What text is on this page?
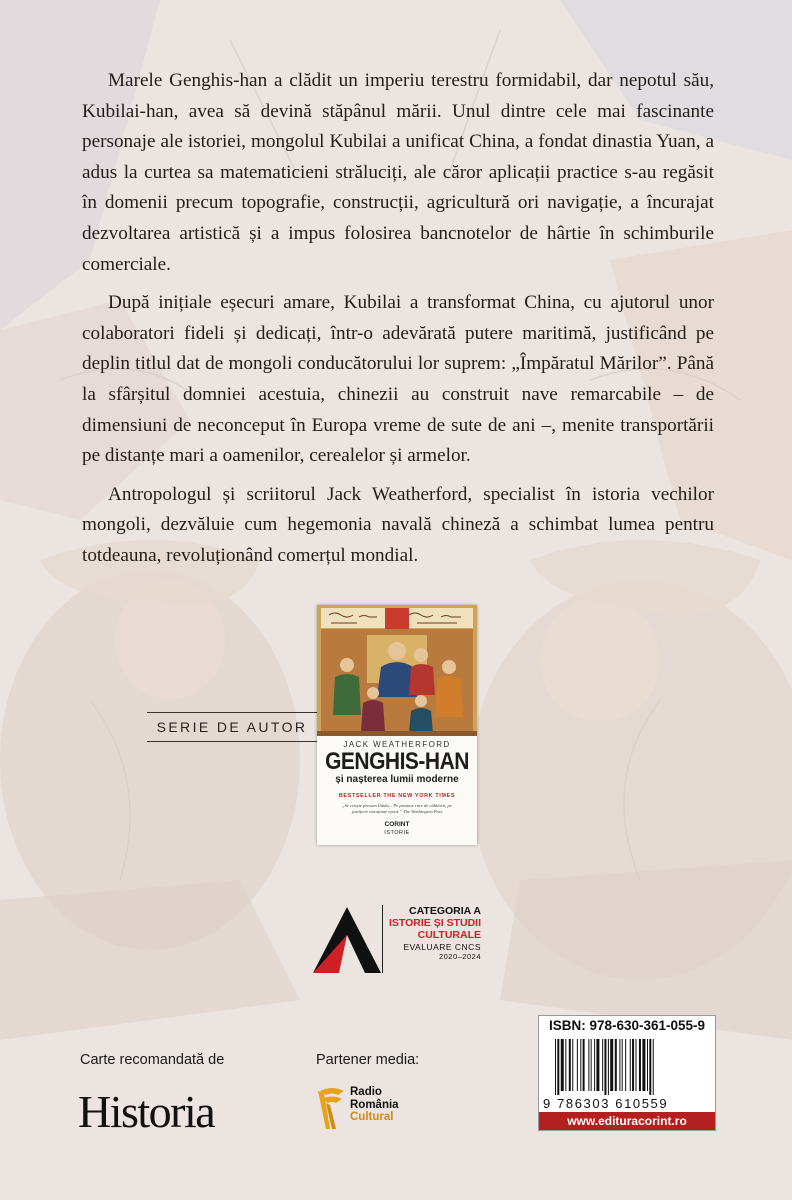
Marele Genghis-han a clădit un imperiu terestru formidabil, dar nepotul său, Kubilai-han, avea să devină stăpânul mării. Unul dintre cele mai fascinante personaje ale istoriei, mongolul Kubilai a unificat China, a fondat dinastia Yuan, a adus la curtea sa matematicieni străluciți, ale căror aplicații practice s-au regăsit în domenii precum topografie, construcții, agricultură ori navigație, a încurajat dezvoltarea artistică și a impus folosirea bancnotelor de hârtie în schimburile comerciale.

După inițiale eșecuri amare, Kubilai a transformat China, cu ajutorul unor colaboratori fideli și dedicați, într-o adevărată putere maritimă, justificând pe deplin titlul dat de mongoli conducătorului lor suprem: „Împăratul Mărilor”. Până la sfârșitul domniei acestuia, chinezii au construit nave remarcabile – de dimensiuni de neconceput în Europa vreme de sute de ani –, menite transportării pe distanțe mari a oamenilor, cerealelor și armelor.

Antropologul și scriitorul Jack Weatherford, specialist în istoria vechilor mongoli, dezvăluie cum hegemonia navală chineză a schimbat lumea pentru totdeauna, revoluționând comerțul mondial.

SERIE DE AUTOR
JACK WEATHERFORD
GENGHIS-HAN
și nașterea lumii moderne
BESTSELLER THE NEW YORK TIMES
„Se citește precum Iliada... Pe pasiune care de călătorii, pe justițiere narațiune epică.” The Washington Post
CORINT
ISTORIE
CATEGORIA A
ISTORIE ȘI STUDII
CULTURALE
EVALUARE CNCS
2020–2024
ISBN: 978-630-361-055-9
9 786303 610559
www.edituracorint.ro
Carte recomandată de
Historia
Partener media:
Radio
România
Cultural
